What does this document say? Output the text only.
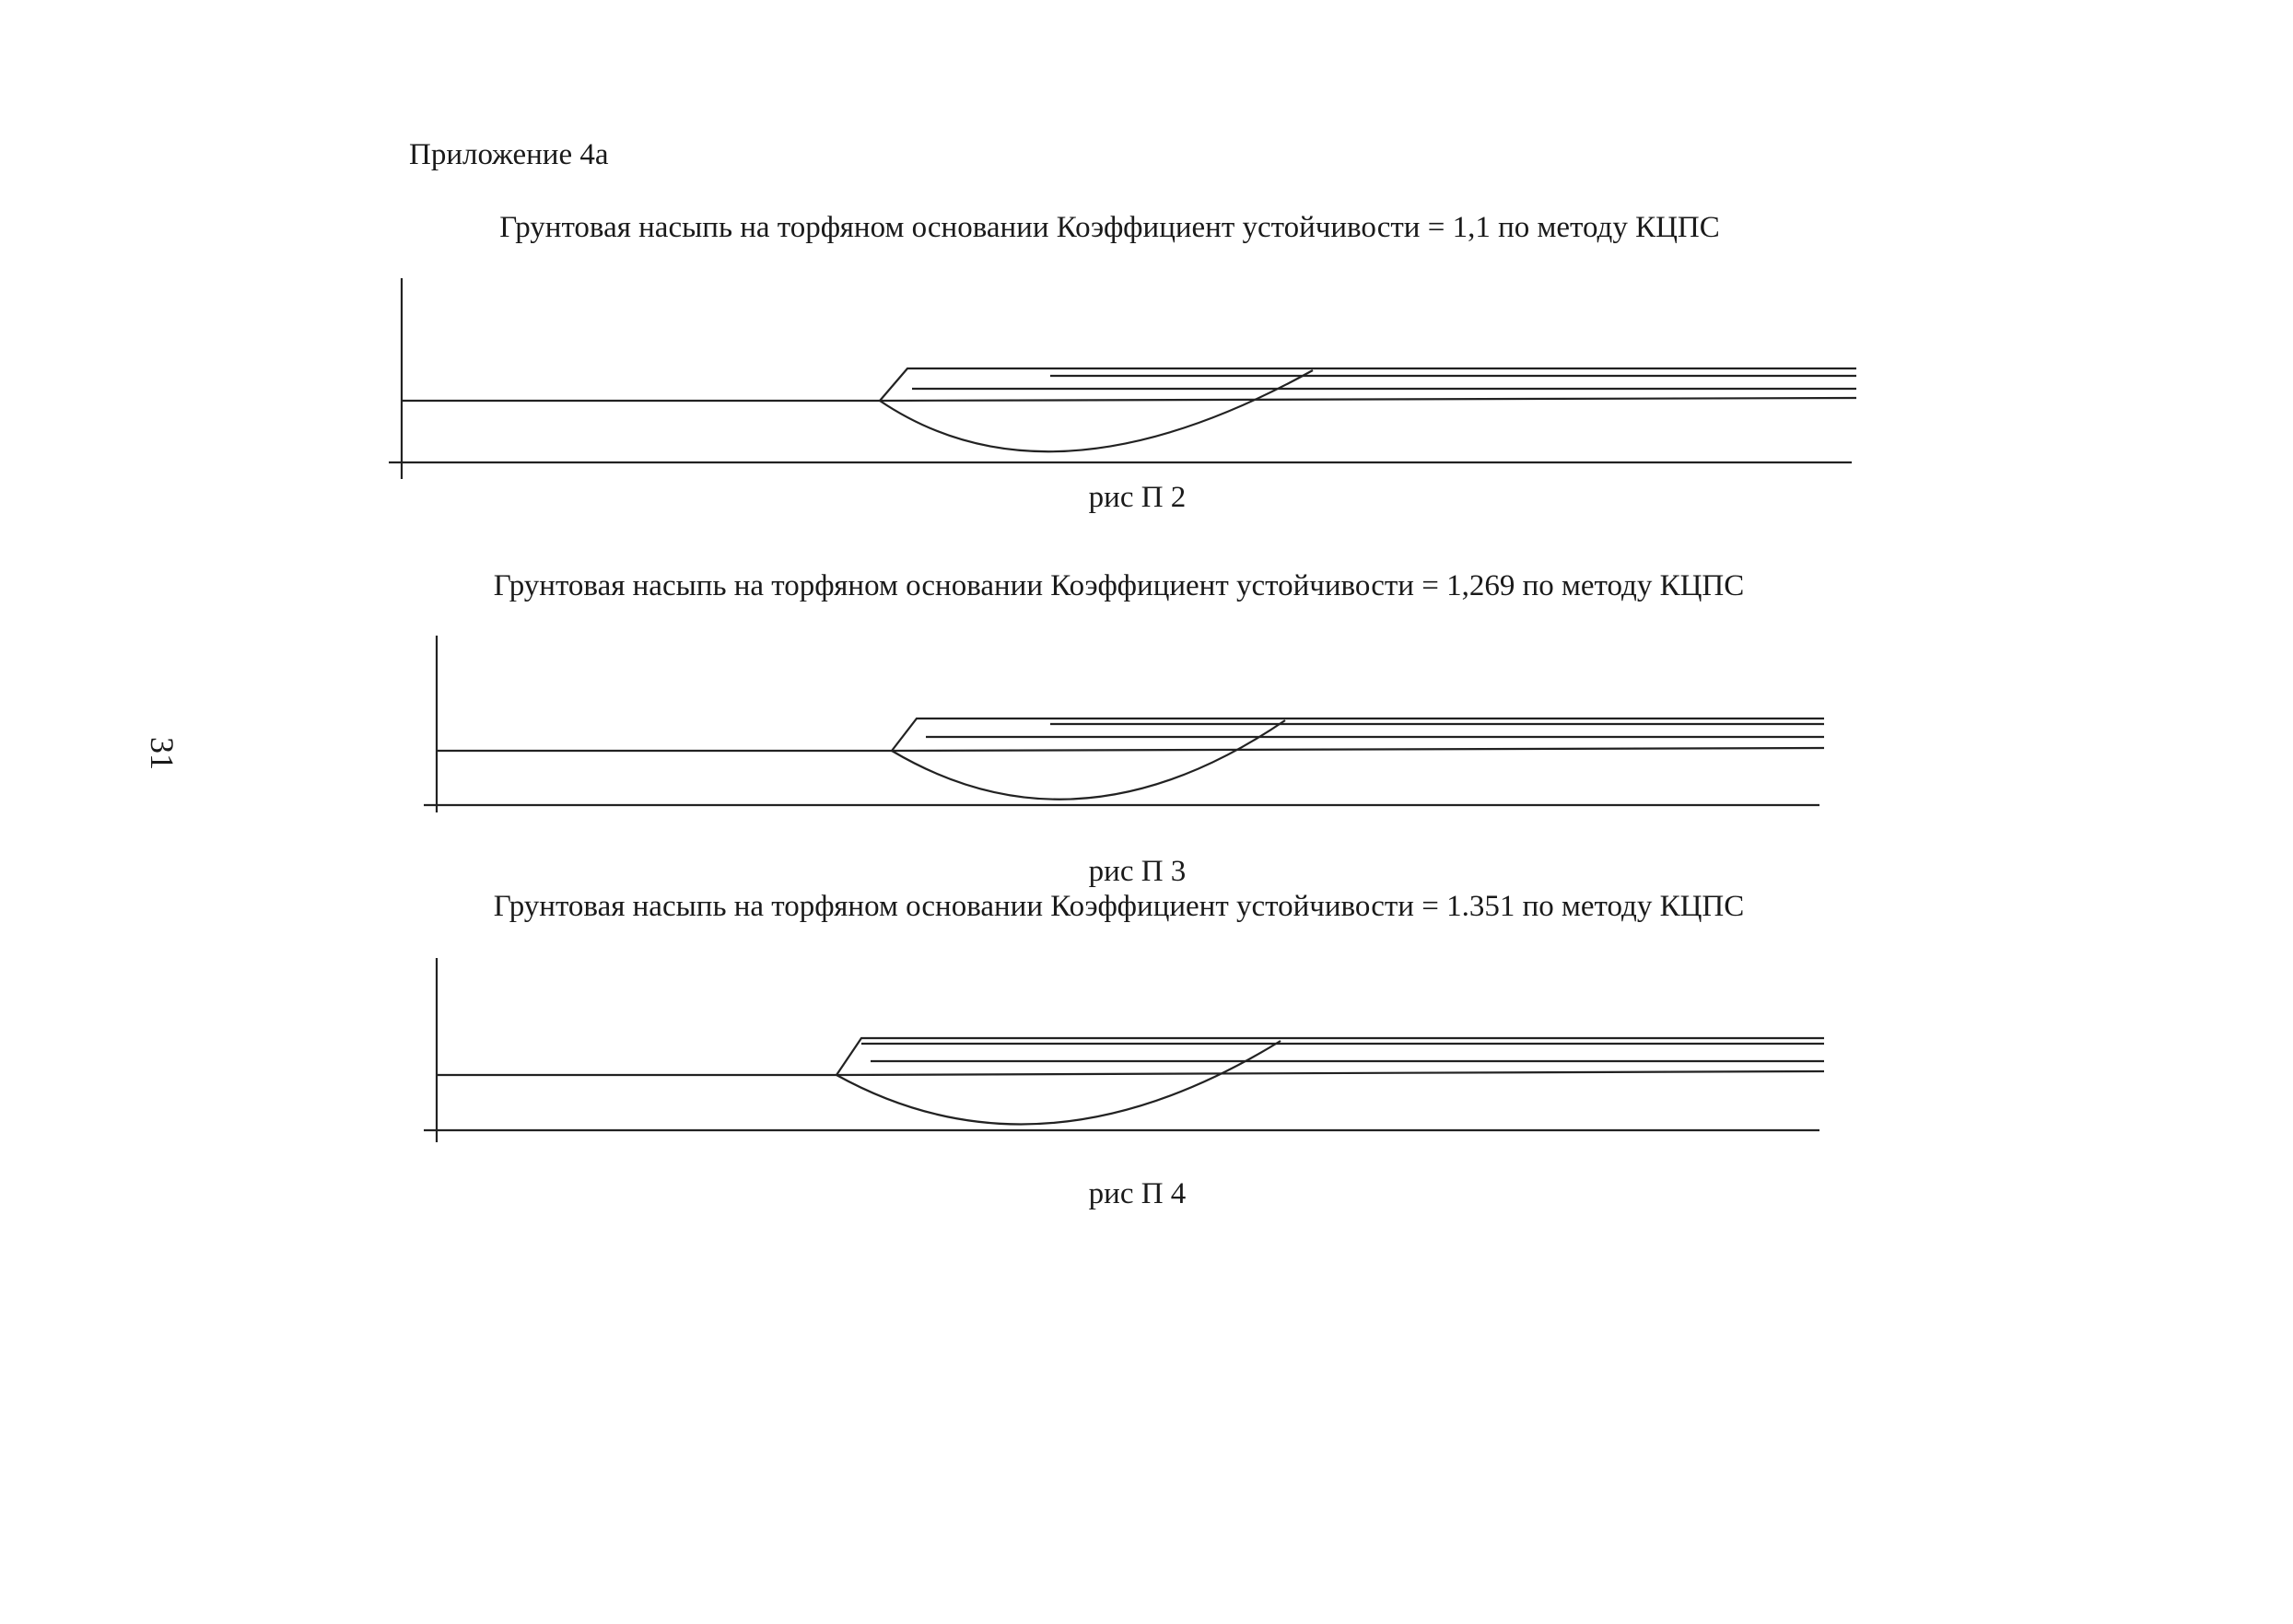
Приложение 4а
31
Грунтовая насыпь на торфяном основании Коэффициент устойчивости = 1,1 по методу КЦПС
рис П 2
Грунтовая насыпь на торфяном основании Коэффициент устойчивости = 1,269 по методу КЦПС
рис П 3
Грунтовая насыпь на торфяном основании Коэффициент устойчивости = 1.351 по методу КЦПС
рис П 4
